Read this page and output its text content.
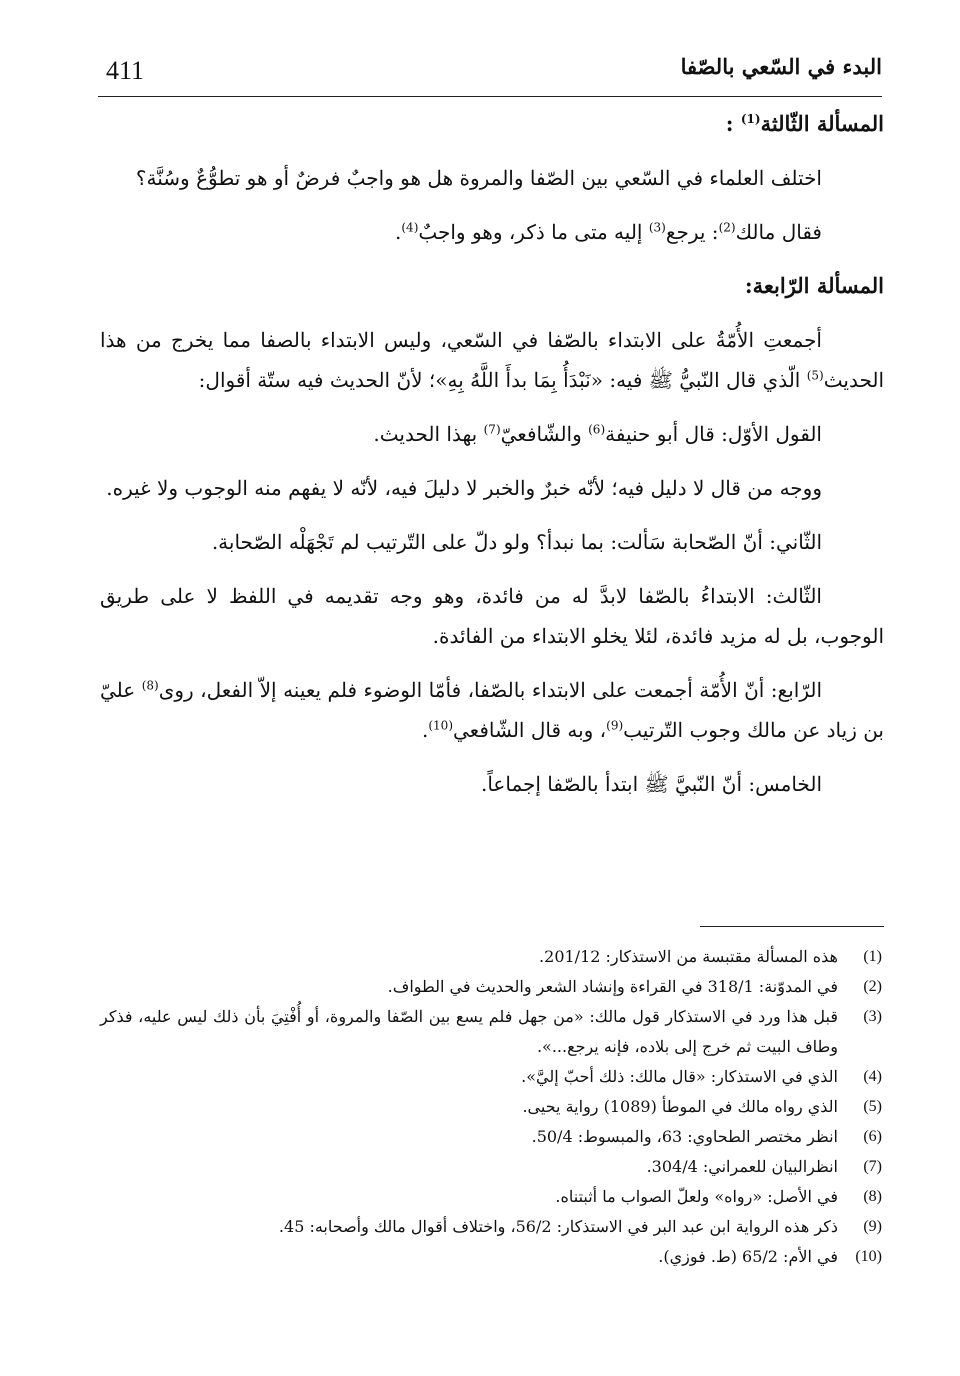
411	البدء في السّعي بالصّفا
المسألة الثّالثة$^{(1)}$ :

اختلف العلماء في السّعي بين الصّفا والمروة هل هو واجبٌ فرضٌ أو هو تطوُّعٌ وسُنَّة؟

فقال مالك$^{(2)}$: يرجع$^{(3)}$ إليه متى ما ذكر، وهو واجبٌ$^{(4)}$.

المسألة الرّابعة:

أجمعتِ الأُمّةُ على الابتداء بالصّفا في السّعي، وليس الابتداء بالصفا مما يخرج من هذا الحديث$^{(5)}$ الّذي قال النّبيُّ ﷺ فيه: «نَبْدَأُ بِمَا بدأَ اللَّهُ بِهِ»؛ لأنّ الحديث فيه ستّة أقوال:

القول الأوّل: قال أبو حنيفة$^{(6)}$ والشّافعيّ$^{(7)}$ بهذا الحديث.

ووجه من قال لا دليل فيه؛ لأنّه خبرٌ والخبر لا دليلَ فيه، لأنّه لا يفهم منه الوجوب ولا غيره.

الثّاني: أنّ الصّحابة سَألت: بما نبدأ؟ ولو دلّ على التّرتيب لم تَجْهَلْه الصّحابة.

الثّالث: الابتداءُ بالصّفا لابدَّ له من فائدة، وهو وجه تقديمه في اللفظ لا على طريق الوجوب، بل له مزيد فائدة، لئلا يخلو الابتداء من الفائدة.

الرّابع: أنّ الأُمّة أجمعت على الابتداء بالصّفا، فأمّا الوضوء فلم يعينه إلاّ الفعل، روى$^{(8)}$ عليّ بن زياد عن مالك وجوب التّرتيب$^{(9)}$، وبه قال الشّافعي$^{(10)}$.

الخامس: أنّ النّبيَّ ﷺ ابتدأ بالصّفا إجماعاً.

(1)
هذه المسألة مقتبسة من الاستذكار: 201/12.
(2)
في المدوّنة: 318/1 في القراءة وإنشاد الشعر والحديث في الطواف.
(3)
قبل هذا ورد في الاستذكار قول مالك: «من جهل فلم يسع بين الصّفا والمروة، أو أُفْتِيَ بأن ذلك ليس عليه، فذكر وطاف البيت ثم خرج إلى بلاده، فإنه يرجع...».
(4)
الذي في الاستذكار: «قال مالك: ذلك أحبّ إليَّ».
(5)
الذي رواه مالك في الموطأ (1089) رواية يحيى.
(6)
انظر مختصر الطحاوي: 63، والمبسوط: 50/4.
(7)
انظرالبيان للعمراني: 304/4.
(8)
في الأصل: «رواه» ولعلّ الصواب ما أثبتناه.
(9)
ذكر هذه الرواية ابن عبد البر في الاستذكار: 56/2، واختلاف أقوال مالك وأصحابه: 45.
(10)
في الأم: 65/2 (ط. فوزي).
